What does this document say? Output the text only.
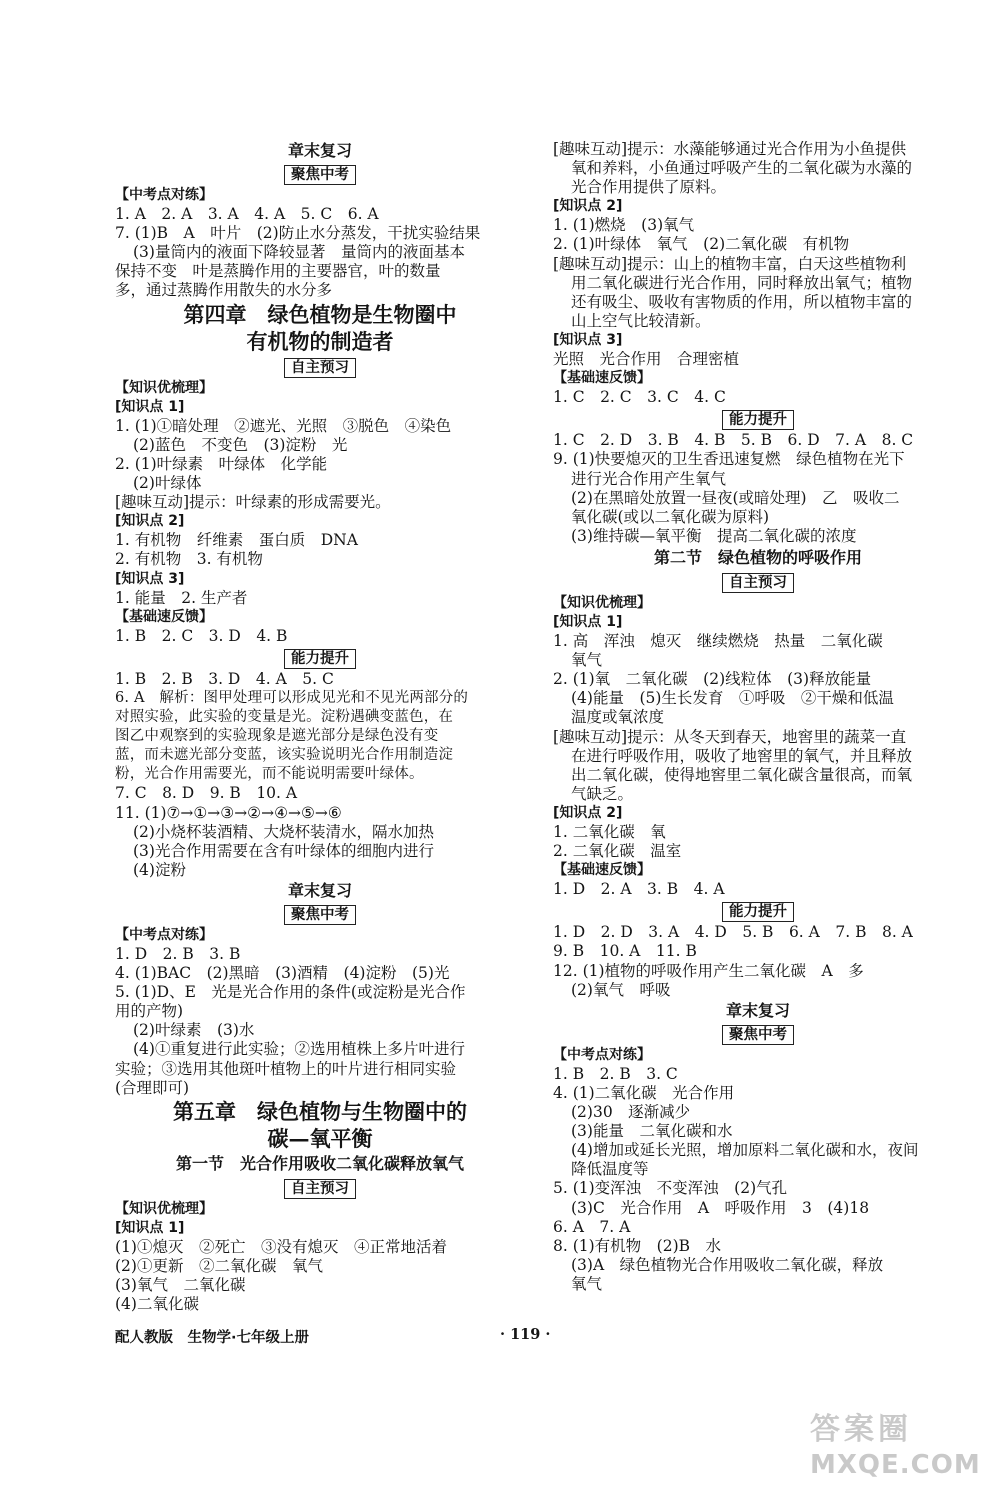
章末复习
聚焦中考
【中考点对练】
1. A　2. A　3. A　4. A　5. C　6. A
7. (1)B　A　叶片　(2)防止水分蒸发，干扰实验结果
(3)量筒内的液面下降较显著　量筒内的液面基本
保持不变　叶是蒸腾作用的主要器官，叶的数量
多，通过蒸腾作用散失的水分多
第四章　绿色植物是生物圈中
有机物的制造者
自主预习
【知识优梳理】
[知识点 1]
1. (1)①暗处理　②遮光、光照　③脱色　④染色
(2)蓝色　不变色　(3)淀粉　光
2. (1)叶绿素　叶绿体　化学能
(2)叶绿体
[趣味互动]提示：叶绿素的形成需要光。
[知识点 2]
1. 有机物　纤维素　蛋白质　DNA
2. 有机物　3. 有机物
[知识点 3]
1. 能量　2. 生产者
【基础速反馈】
1. B　2. C　3. D　4. B
能力提升
1. B　2. B　3. D　4. A　5. C
6. A　解析：图甲处理可以形成见光和不见光两部分的
对照实验，此实验的变量是光。淀粉遇碘变蓝色，在
图乙中观察到的实验现象是遮光部分是绿色没有变
蓝，而未遮光部分变蓝，该实验说明光合作用制造淀
粉，光合作用需要光，而不能说明需要叶绿体。
7. C　8. D　9. B　10. A
11. (1)⑦→①→③→②→④→⑤→⑥
(2)小烧杯装酒精、大烧杯装清水，隔水加热
(3)光合作用需要在含有叶绿体的细胞内进行
(4)淀粉
章末复习
聚焦中考
【中考点对练】
1. D　2. B　3. B
4. (1)BAC　(2)黑暗　(3)酒精　(4)淀粉　(5)光
5. (1)D、E　光是光合作用的条件(或淀粉是光合作
用的产物)
(2)叶绿素　(3)水
(4)①重复进行此实验；②选用植株上多片叶进行
实验；③选用其他斑叶植物上的叶片进行相同实验
(合理即可)
第五章　绿色植物与生物圈中的
碳—氧平衡
第一节　光合作用吸收二氧化碳释放氧气
自主预习
【知识优梳理】
[知识点 1]
(1)①熄灭　②死亡　③没有熄灭　④正常地活着
(2)①更新　②二氧化碳　氧气
(3)氧气　二氧化碳
(4)二氧化碳
[趣味互动]提示：水藻能够通过光合作用为小鱼提供
氧和养料，小鱼通过呼吸产生的二氧化碳为水藻的
光合作用提供了原料。
[知识点 2]
1. (1)燃烧　(3)氧气
2. (1)叶绿体　氧气　(2)二氧化碳　有机物
[趣味互动]提示：山上的植物丰富，白天这些植物利
用二氧化碳进行光合作用，同时释放出氧气；植物
还有吸尘、吸收有害物质的作用，所以植物丰富的
山上空气比较清新。
[知识点 3]
光照　光合作用　合理密植
【基础速反馈】
1. C　2. C　3. C　4. C
能力提升
1. C　2. D　3. B　4. B　5. B　6. D　7. A　8. C
9. (1)快要熄灭的卫生香迅速复燃　绿色植物在光下
进行光合作用产生氧气
(2)在黑暗处放置一昼夜(或暗处理)　乙　吸收二
氧化碳(或以二氧化碳为原料)
(3)维持碳—氧平衡　提高二氧化碳的浓度
第二节　绿色植物的呼吸作用
自主预习
【知识优梳理】
[知识点 1]
1. 高　浑浊　熄灭　继续燃烧　热量　二氧化碳
氧气
2. (1)氧　二氧化碳　(2)线粒体　(3)释放能量
(4)能量　(5)生长发育　①呼吸　②干燥和低温
温度或氧浓度
[趣味互动]提示：从冬天到春天，地窖里的蔬菜一直
在进行呼吸作用，吸收了地窖里的氧气，并且释放
出二氧化碳，使得地窖里二氧化碳含量很高，而氧
气缺乏。
[知识点 2]
1. 二氧化碳　氧
2. 二氧化碳　温室
【基础速反馈】
1. D　2. A　3. B　4. A
能力提升
1. D　2. D　3. A　4. D　5. B　6. A　7. B　8. A
9. B　10. A　11. B
12. (1)植物的呼吸作用产生二氧化碳　A　多
(2)氧气　呼吸
章末复习
聚焦中考
【中考点对练】
1. B　2. B　3. C
4. (1)二氧化碳　光合作用
(2)30　逐渐减少
(3)能量　二氧化碳和水
(4)增加或延长光照，增加原料二氧化碳和水，夜间
降低温度等
5. (1)变浑浊　不变浑浊　(2)气孔
(3)C　光合作用　A　呼吸作用　3　(4)18
6. A　7. A
8. (1)有机物　(2)B　水
(3)A　绿色植物光合作用吸收二氧化碳，释放
氧气
配人教版　生物学·七年级上册	· 119 ·
答案圈
MXQE.COM
